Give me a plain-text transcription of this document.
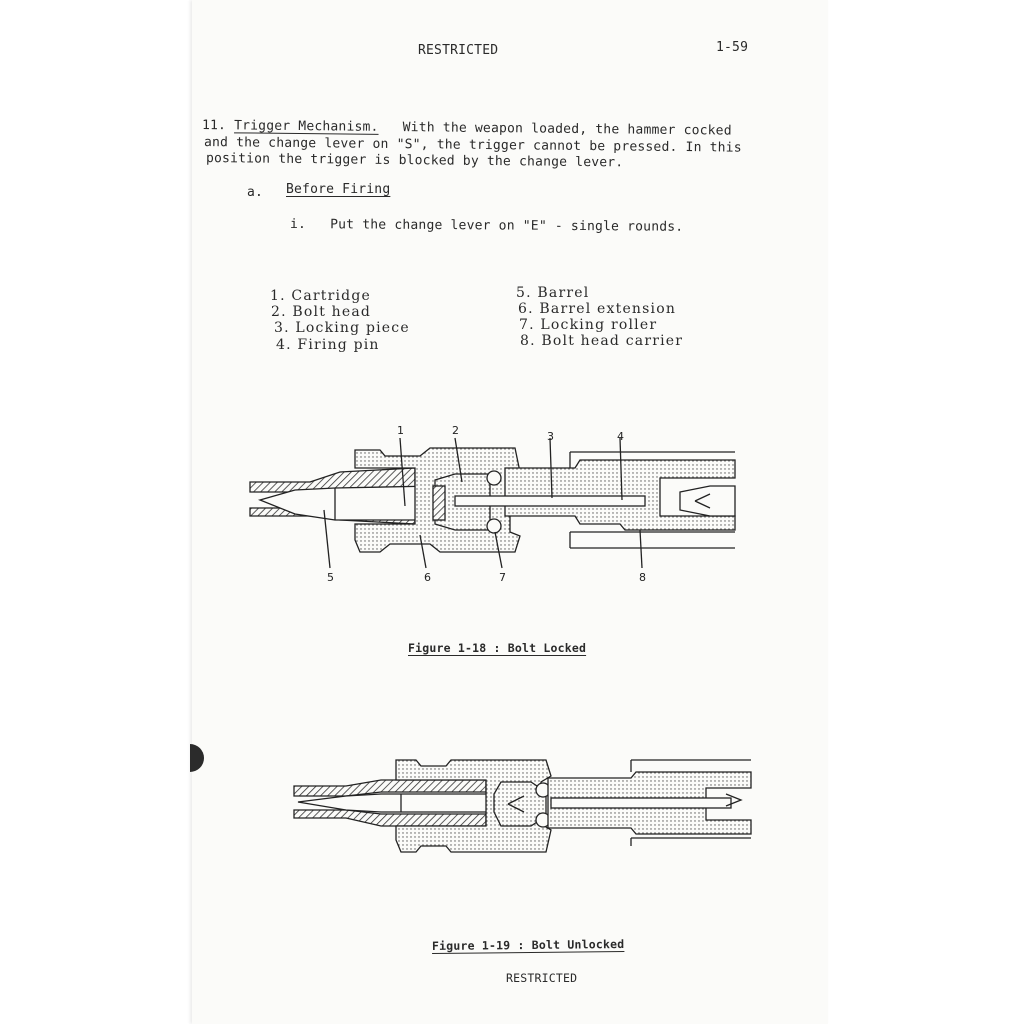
RESTRICTED	1-59
11. Trigger Mechanism. With the weapon loaded, the hammer cocked
and the change lever on "S", the trigger cannot be pressed. In this
position the trigger is blocked by the change lever.
a. Before Firing
i. Put the change lever on "E" - single rounds.
1. Cartridge
2. Bolt head
3. Locking piece
4. Firing pin
5. Barrel
6. Barrel extension
7. Locking roller
8. Bolt head carrier
1	2	3	4
5	6	7	8
Figure 1-18 : Bolt Locked
Figure 1-19 : Bolt Unlocked
RESTRICTED
